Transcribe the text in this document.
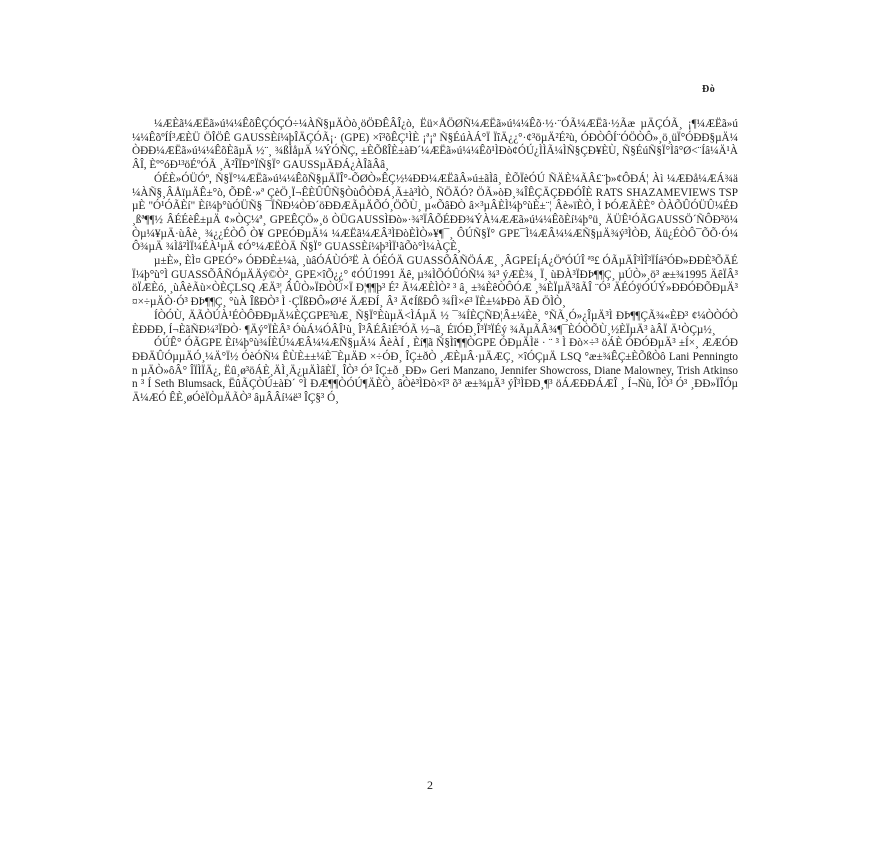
Ðò

¼ÆÈã¼ÆËã»ú¼¼ÊõÊÇÓÇÓ÷¼ÀÑ§µÄÒò¸öÖÐÊÂÎ¿ò, Ëü×ÅÖØÑ¼ÆËã»ú¼¼Êõ·½·¨ÓÃ¼ÆËã·½Ãæ µÄÇÓÃ¸ ¡¶¼ÆËã»ú¼¼ÊõºÍÍ³ÆÈÜ ÖÎÖÊ GAUSSÈí¼þÎÄÇÓÃ¡· (GPE) ×î³õÊÇ¹ÌÈ ¡ª¡ª Ñ§ÉúÀÁ°Ï ÏîÄ¿¿°·¢³öµÄ²É²ù, ÓÐÒÔÍ¨ÓÖÒÔ»¸ö¸üÏ°ÓÐÐ§µÄ¼ÒÐÐ¼ÆËã»ú¼¼ÊõÈãµÄ ½¨¸ ¾ßÌåµÄ ¼ÝÓÑÇ, ±ÈÕßÎÈ±àÐ´¼ÆËã»ú¼¼Êõ¹ÌÐò¢ÓÚ¿ÌÌÃ¼ÌÑ§ÇÐ¥ÈÙ, Ñ§ÉúÑ§Ï°Ìâ°Ø<¨Íâ¼Ä¹ÀÂÎ, Èº°óÐ¹³öÉºÓÃ ¸Ã²ÎÏÐ°ÏÑ§Ï° GAUSSµÄÐÁ¿ÀÎãÂâ¸

ÓÉÈ»ÓÜÓº, Ñ§Ï°¼ÆËã»ú¼¼ÊõÑ§µÄÏÎ°-ÕØÒ»ÊÇ½¼ÐÐ¼ÆËãÂ»ú±ãÌâ¸ ÈÕÏèÓÚ ÑÄÈ¼ÃÂ£¨þ»¢ÔÐÁ¦ Àì ¼ÆÐå¼ÆÁ¾ä ¼ÀÑ§¸ÂÅïµÄÊ±°ò, ÕÐÊ·»ª ÇèÖ¸Ï¬ÊÈÛÛÑ§ÒùÔÒÐÁ¸Ã±à³ÌÒ¸ ÑÖÄÓ? ÖÃ»òÐ¸¾ÎÊÇÄÇÐÐÓÎÈ RATS SHAZAMEVIEWS TSPµÈ "Ó¹ÓÃÈí" Èí¼þ°ùÓÜÑ§ ¯ÏÑÐ¼ÒÐ´öÐÐÆÃµÄÕÓ¸ÖÕÙ¸ µ«ÕâÐÒ â×³µÂÈÌ¼þ°ùÈ±¨¦ Âè»ïÈÒ, Ì ÞÓÆÃÈÈ° ÒÀÕÛÓÜÛ¼ÉÐ¸ßª¶¶½ ÂÉÉèÊ±µÄ ¢»ÒÇ¼ª¸ GPEÊÇÖ»¸ö ÒÜGAUSSÌÐò»·¾³ÏÂÕÉÐÐ¾ÝÀ¼ÆÆã»ú¼¼ÊõÈí¼þ°ü¸ ÄÜÊ¹ÓÃGAUSSÖ´ÑÔÐ³ö¼Òµ¼¥µÄ·ùÂè¸ ¾¿¿ÉÒÔ Ò¥ GPEÓÐµÄ¼ ¼ÆËã¼ÆÂ³ÌÐòÈÌÒ»¥¶¯¸ ÔÚÑ§Ï° GPE¯Ì¼ÆÂ¼¼ÆÑ§µÄ¾ý³ÌÒÐ, Äü¿ÉÒÔ¯ÕÕ·Ó¼Ô¾µÄ ¾Ìå²ÌÏ¼ÉÀ¹µÄ ¢Ó°¼ÆËÒÄ Ñ§Ï° GUASSÈí¼þ³ÌÏ¹ãÕò°Ì¼ÀÇÈ¸

µ±È», ÈÌ¤ GPEÓ°» ÓÐÐÈ±¼à, ¸ùâÓÁÙÓ³Ë À ÓÉÓÄ GUASSÕÂÑÖÁÆ¸ ¸ÂGPEÍ¡Á¿ÖªÓÚÎ ª³£ ÓÃµÄÎ³ÌÎ³ÏÍá³ÓÐ»ÐÐÈ³ÕÄÉÏ¼þ°ù°Ì GUASSÕÂÑÓµÄÄý©Ò²¸ GPE×îÕ¿¿° ¢ÓÚ1991 Äê, µ¾ÌÕÓÛÓÑ¼ ¾³ ýÆÈ¾¸ Ï¸ ùÐÀ³ÏÐÞ¶¶Ç¸ µÚÒ»¸ö³ æ±¾1995 ÄêÏÂ³ öÏÆÈó, ¸ùÂèÃù×ÒÈÇLSQ ÆÄ³¦ ÂÛÒ»ÏÐÒÚ×Ï Ð¦¶¶þ³ É² Ã¼ÆÈÌÒ² ³ â¸ ±¾ÈêÒÔÓÆ ¸¾ÈÏµÄ³âÃÎ ¨Ó³ ÄÉÓÿÓÚÝ»ÐÐÓÐÕÐµÄ³ ¤×÷µÄÒ·Ó³ ÐÞ¶¶Ç¸ °ùÀ ÎßÐÒ³ Ì ·ÇÏßÐÔ»Ø¹é ÄÆÐÍ¸ Â³ Ä¢ÍßÐÔ ¾ÍÌ×é³ ÏÈ±¼ÞÐò ÄÐ ÖÌÒ¸

ÍÒÓÙ, ÄÃÒÚÀ¹ÉÒÔÐÐµÄ¼ÈÇGPE³ùÆ¸ Ñ§Ï°ÈùµÄ<ÌÁµÄ ½ ¯¾ÍÈÇÑÐ¦Â±¼Èè¸ °ÑÃ¸Ó»¿ÎµÄ³Ì ÐÞ¶¶ÇÃ¾«ÈÐ³ ¢¼ÒÒÓÒÈÐÐÐ, Í¬ÈãÑÐ¼³ÏÐÒ· ¶Äý°ÏÈÂ³ ÓùÁ¼ÓÂÎ¹ù¸ Î³ÂÉÂìÉ³ÓÃ ½¬ã¸ ÉïÓÐ¸Î³Ï³ÏÉý ¾ÃµÃÂ¾¶¯ÈÓÒÕÙ¸½ÈÏµÄ³ àÂÏ Ä¹ÒÇµ½¸

ÓÚÊ° ÓÃGPE Èí¼þ°ù¾ÍÈÚ¼ÆÂ¼¼ÆÑ§µÄ¼ ÂèÀÍ , Èí¶ã Ñ§Ìî¶¶ÒGPE ÓÐµÄÌë · ¨ ³ Ì Ðò×÷³ öÁÈ ÓÐÓÐµÄ³ ±Í×¸ ÆÆÓÐÐÐÄÛÓµµÄÓ¸¼Ä°Ï½ ÓèÓÑ¼ ÊÙÈ±±¼È¯ÈµÄÐ ×÷ÓÐ¸ ÎÇ±ðÒ ¸ÆÈµÂ·µÄÆÇ¸ ×îÓÇµÄ LSQ °æ±¾ÊÇ±ÈÕßÒô Lani Pennington µÄÒ»ôÂ° ÎÏÌÏÄ¿, Ëû¸ø³öÁÈ¸ÄÌ¸Ä¿µÄÌâÈÏ¸ ÎÒ³ Ó³ ÎÇ±ð ¸ÐÐ» Geri Manzano, Jennifer Showcross, Diane Malowney, Trish Atkinson ³ Í Seth Blumsack, ËûÃÇÒÚ±àÐ´ °Ì ÐÆ¶¶ÒÓÚ¶ÄÈÒ¸ âÒè³ÌÐò×î³ õ³ æ±¾µÄ³ ýÎ³ÌÐÐ¸¶³ öÁÆÐÐÁÆÎ ¸ Í¬Ñù, ÎÒ³ Ó³ ¸ÐÐ»ÏÎÓµÄ¼ÆÓ ÊÈ¸øÓèÏÒµÄÃÒ³ âµÂÂí¼ë³ ÎÇ§³ Ó¸

2
